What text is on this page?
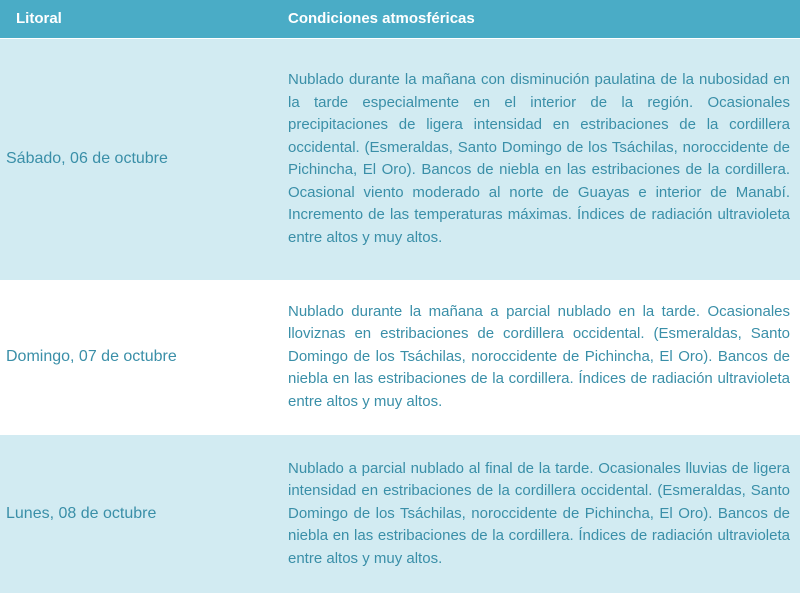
Litoral	Condiciones atmosféricas
Sábado, 06 de octubre	Nublado durante la mañana con disminución paulatina de la nubosidad en la tarde especialmente en el interior de la región. Ocasionales precipitaciones de ligera intensidad en estribaciones de la cordillera occidental. (Esmeraldas, Santo Domingo de los Tsáchilas, noroccidente de Pichincha, El Oro). Bancos de niebla en las estribaciones de la cordillera. Ocasional viento moderado al norte de Guayas e interior de Manabí. Incremento de las temperaturas máximas. Índices de radiación ultravioleta entre altos y muy altos.
Domingo, 07 de octubre	Nublado durante la mañana a parcial nublado en la tarde. Ocasionales lloviznas en estribaciones de cordillera occidental. (Esmeraldas, Santo Domingo de los Tsáchilas, noroccidente de Pichincha, El Oro). Bancos de niebla en las estribaciones de la cordillera. Índices de radiación ultravioleta entre altos y muy altos.
Lunes, 08 de octubre	Nublado a parcial nublado al final de la tarde. Ocasionales lluvias de ligera intensidad en estribaciones de la cordillera occidental. (Esmeraldas, Santo Domingo de los Tsáchilas, noroccidente de Pichincha, El Oro). Bancos de niebla en las estribaciones de la cordillera. Índices de radiación ultravioleta entre altos y muy altos.
